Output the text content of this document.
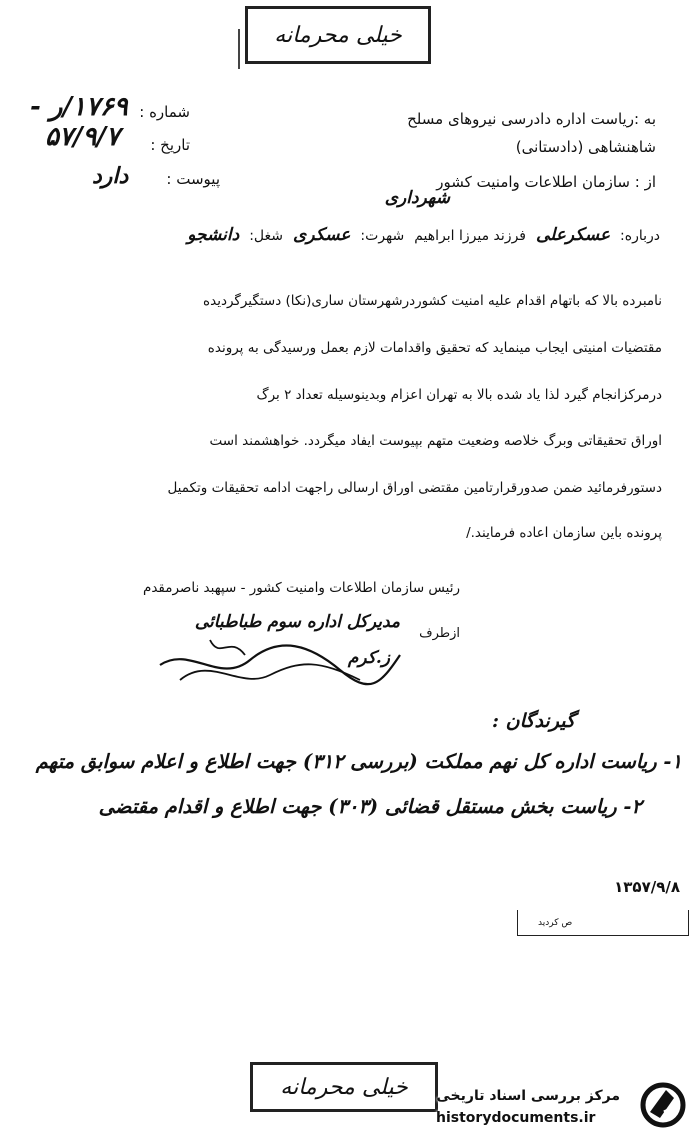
خیلی محرمانه
شماره :
۱۷۶۹/ر -
تاریخ :
۵۷/۹/۷
پیوست :
دارد
به :ریاست اداره دادرسی نیروهای مسلح
شاهنشاهی (دادستانی)
از : سازمان اطلاعات وامنیت کشور
شهرداری
درباره:
عسکرعلی
فرزند میرزا ابراهیم
شهرت:
عسکری
شغل:
دانشجو
نامبرده بالا که باتهام اقدام علیه امنیت کشوردرشهرستان ساری(نکا) دستگیرگردیده
مقتضیات امنیتی ایجاب مینماید که تحقیق واقدامات لازم بعمل ورسیدگی به پرونده
درمرکزانجام گیرد لذا یاد شده بالا به تهران اعزام وبدینوسیله تعداد ۲ برگ
اوراق تحقیقاتی وبرگ خلاصه وضعیت متهم بپیوست ایفاد میگردد. خواهشمند است
دستورفرمائید ضمن صدورقرارتامین مقتضی اوراق ارسالی راجهت ادامه تحقیقات وتکمیل
پرونده باین سازمان اعاده فرمایند./
رئیس سازمان اطلاعات وامنیت کشور - سپهبد ناصرمقدم
ازطرف
مدیرکل اداره سوم طباطبائی
ز.کرم
گیرندگان :
۱- ریاست اداره کل نهم مملکت (بررسی ۳۱۲) جهت اطلاع و اعلام سوابق متهم
۲- ریاست بخش مستقل قضائی (۳۰۳) جهت اطلاع و اقدام مقتضی
۱۳۵۷/۹/۸
ص کردید
خیلی محرمانه مرکز بررسی اسناد تاریخی
historydocuments.ir
